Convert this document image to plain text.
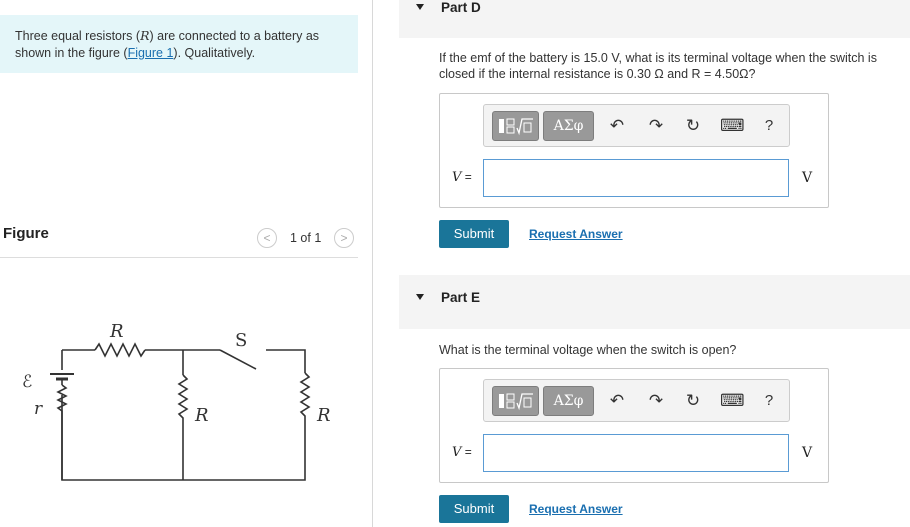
Three equal resistors (R) are connected to a battery as shown in the figure (Figure 1). Qualitatively.
Figure	<	1 of 1	>
R	S
ℰ
r	R	R
Part D
If the emf of the battery is 15.0 V, what is its terminal voltage when the switch is closed if the internal resistance is 0.30 Ω and R = 4.50Ω?
ΑΣφ	↶ ↷ ↻ ⌨	?
V =	V
Submit	Request Answer
Part E
What is the terminal voltage when the switch is open?
ΑΣφ	↶ ↷ ↻ ⌨	?
V =	V
Submit	Request Answer
